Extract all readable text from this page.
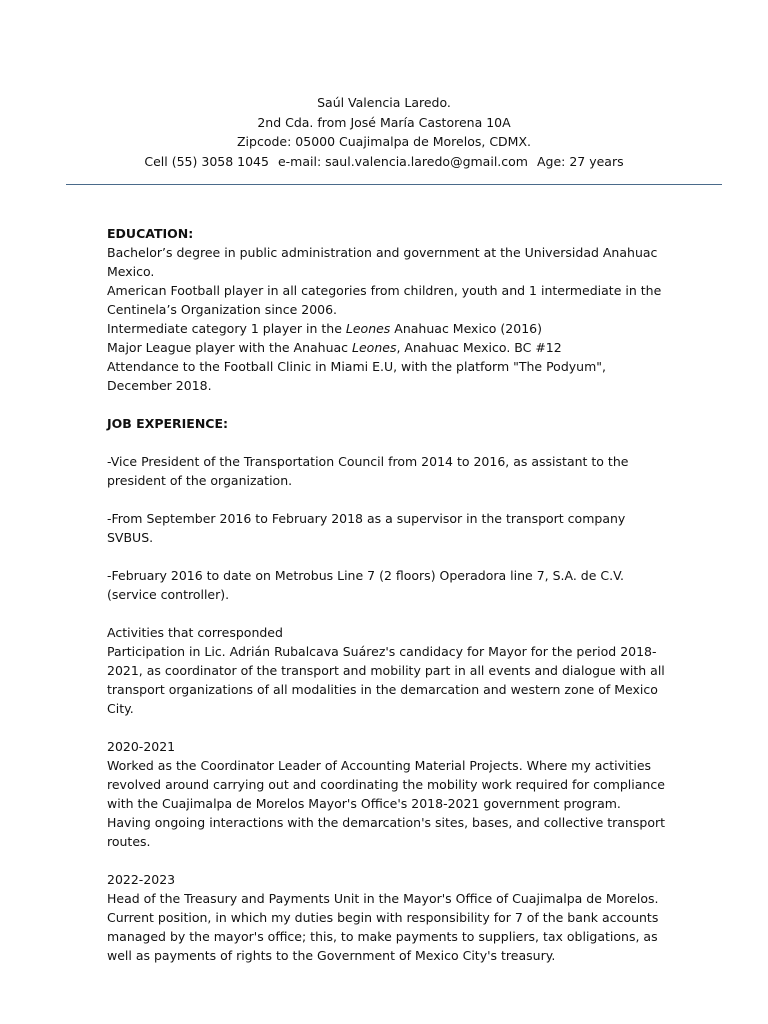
Saúl Valencia Laredo.
2nd Cda. from José María Castorena 10A
Zipcode: 05000 Cuajimalpa de Morelos, CDMX.
Cell (55) 3058 1045 e-mail: saul.valencia.laredo@gmail.com Age: 27 years

EDUCATION:

Bachelor’s degree in public administration and government at the Universidad Anahuac Mexico.

American Football player in all categories from children, youth and 1 intermediate in the Centinela’s Organization since 2006.

Intermediate category 1 player in the Leones Anahuac Mexico (2016)

Major League player with the Anahuac Leones, Anahuac Mexico. BC #12

Attendance to the Football Clinic in Miami E.U, with the platform "The Podyum", December 2018.

JOB EXPERIENCE:

-Vice President of the Transportation Council from 2014 to 2016, as assistant to the president of the organization.

-From September 2016 to February 2018 as a supervisor in the transport company SVBUS.

-February 2016 to date on Metrobus Line 7 (2 floors) Operadora line 7, S.A. de C.V. (service controller).

Activities that corresponded

Participation in Lic. Adrián Rubalcava Suárez's candidacy for Mayor for the period 2018-2021, as coordinator of the transport and mobility part in all events and dialogue with all transport organizations of all modalities in the demarcation and western zone of Mexico City.

2020-2021

Worked as the Coordinator Leader of Accounting Material Projects. Where my activities revolved around carrying out and coordinating the mobility work required for compliance with the Cuajimalpa de Morelos Mayor's Office's 2018-2021 government program. Having ongoing interactions with the demarcation's sites, bases, and collective transport routes.

2022-2023

Head of the Treasury and Payments Unit in the Mayor's Office of Cuajimalpa de Morelos. Current position, in which my duties begin with responsibility for 7 of the bank accounts managed by the mayor's office; this, to make payments to suppliers, tax obligations, as well as payments of rights to the Government of Mexico City's treasury.
